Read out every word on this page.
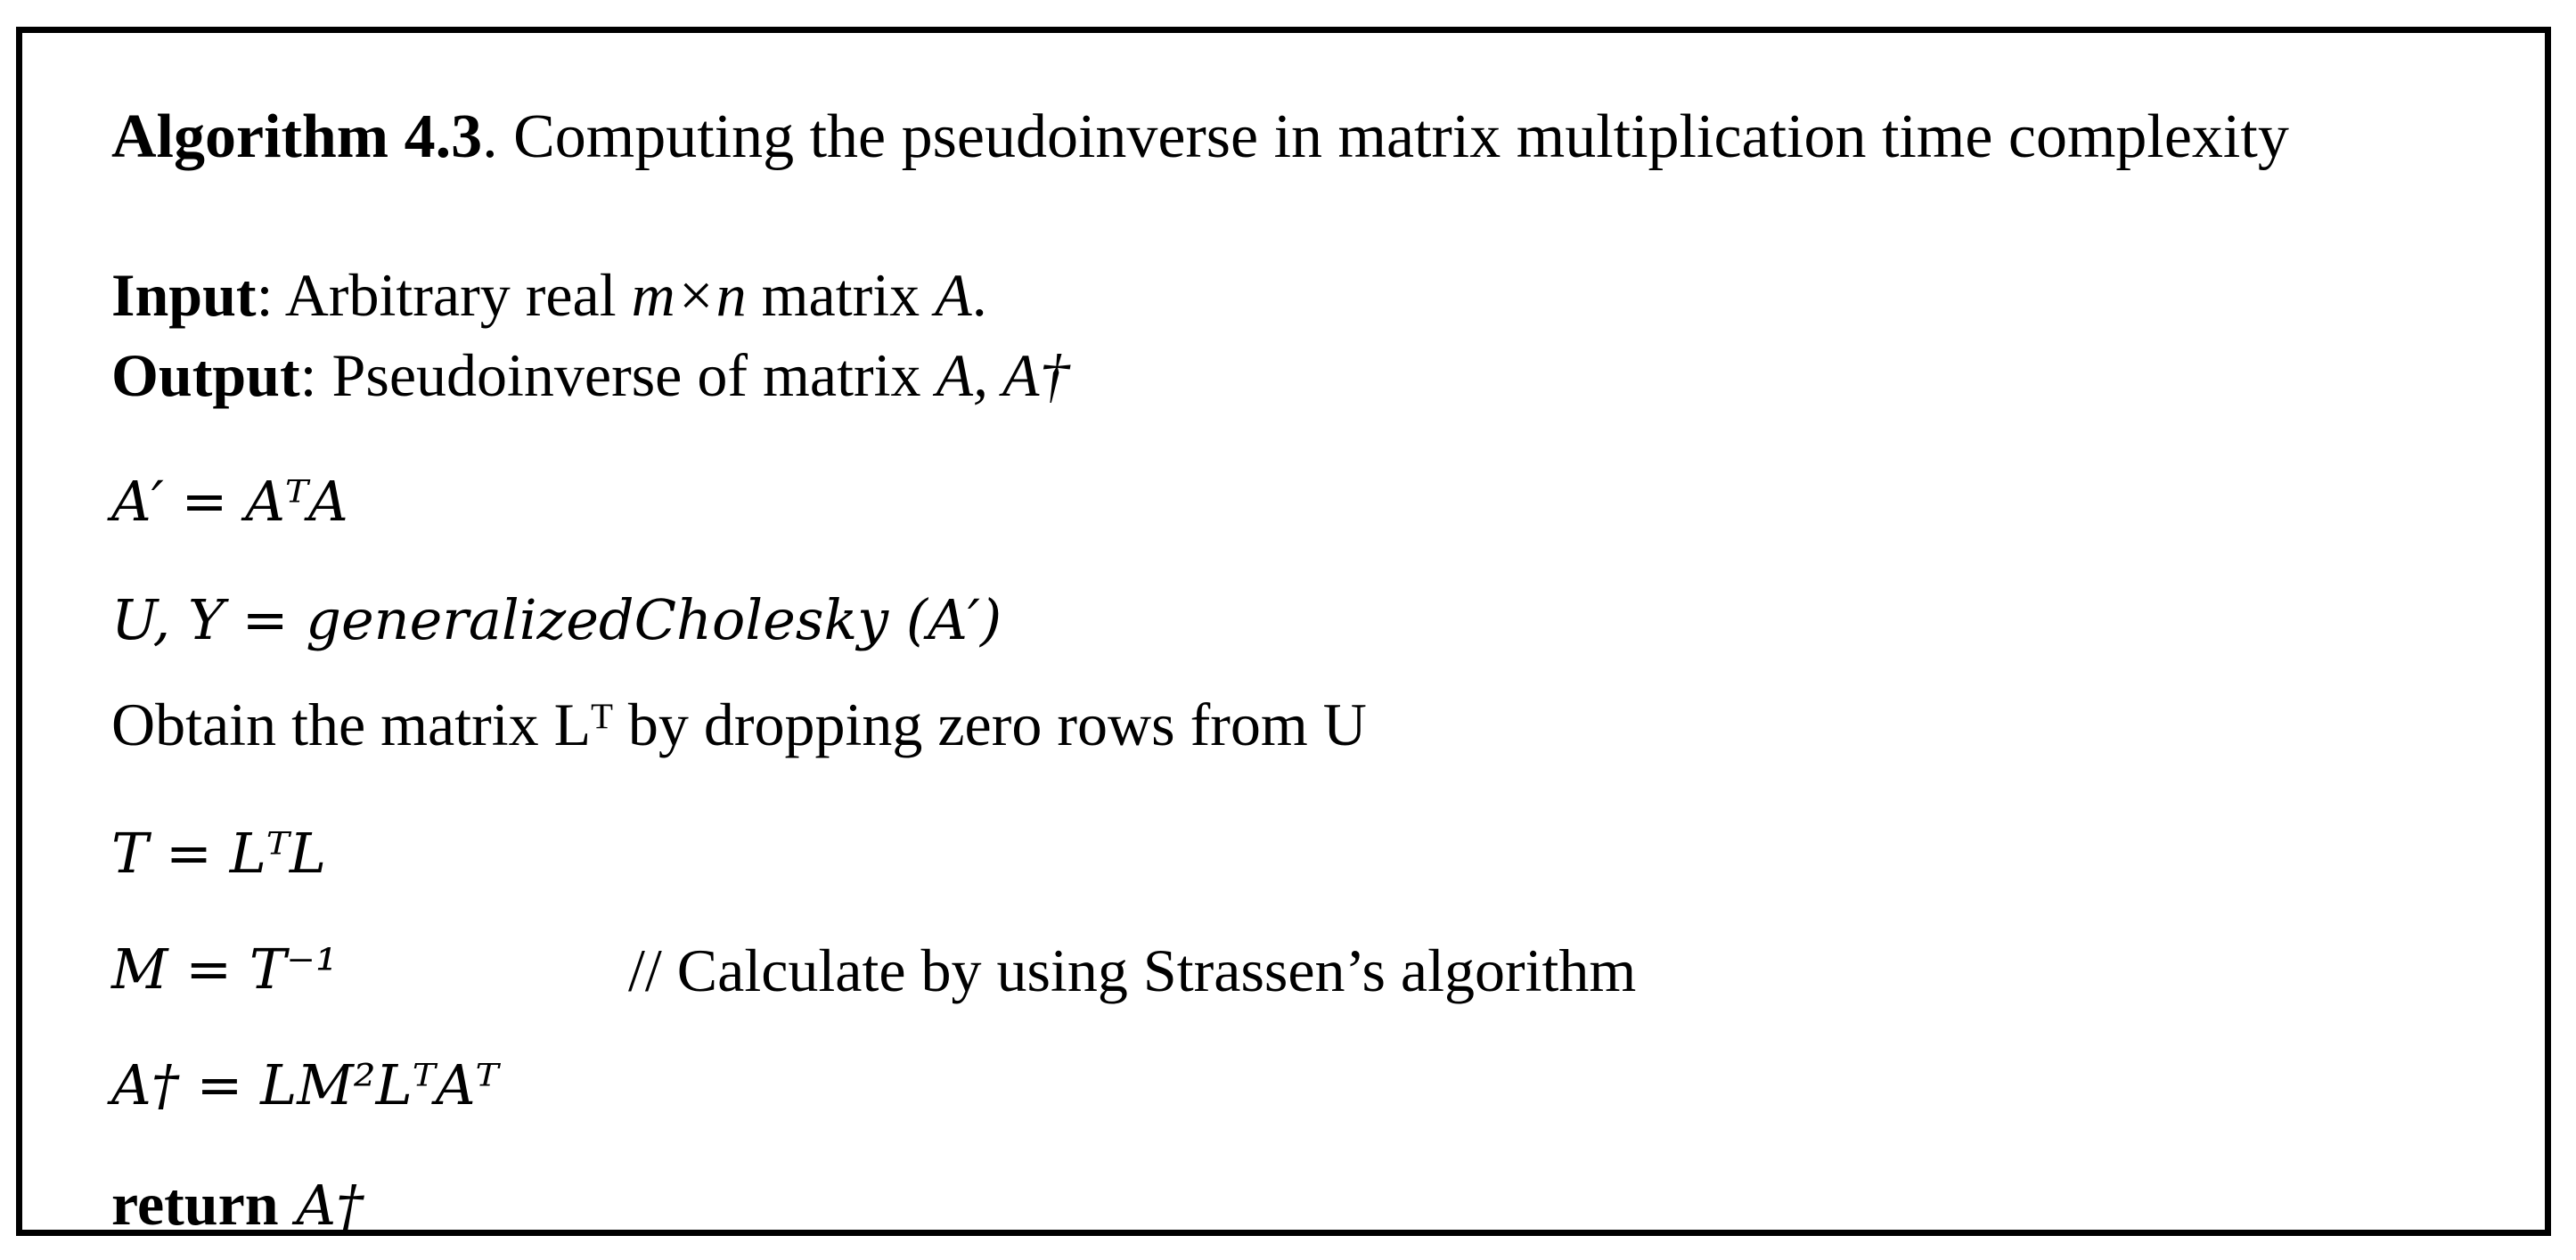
Algorithm 4.3. Computing the pseudoinverse in matrix multiplication time complexity
Input: Arbitrary real m×n matrix A.
Output: Pseudoinverse of matrix A, A†
A′ = AᵀA
U, Y = generalizedCholesky (A′)
Obtain the matrix Lᵀ by dropping zero rows from U
T = LᵀL
M = T⁻¹	// Calculate by using Strassen’s algorithm
A† = LM²LᵀAᵀ
return A†
